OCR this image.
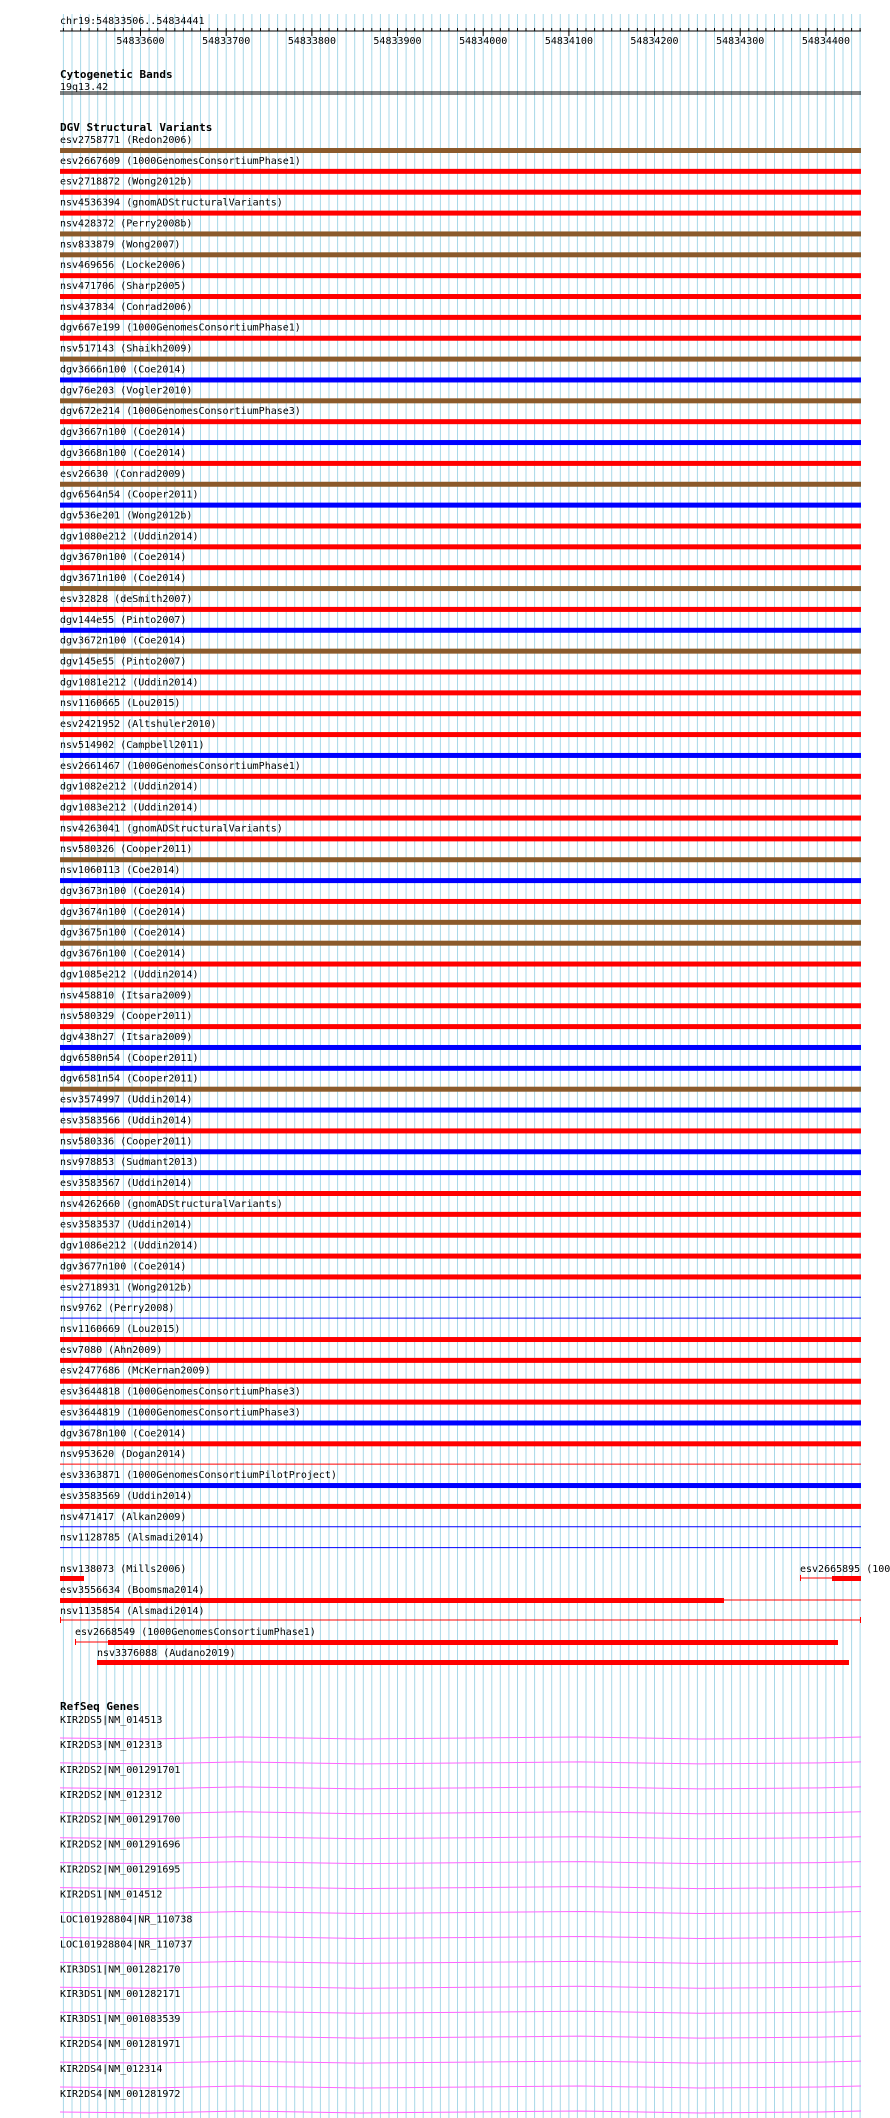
chr19:54833506..54834441
54833600	54833700	54833800	54833900	54834000	54834100	54834200	54834300	54834400
Cytogenetic Bands
19q13.42
DGV Structural Variants
esv2758771 (Redon2006)
esv2667609 (1000GenomesConsortiumPhase1)
esv2718872 (Wong2012b)
nsv4536394 (gnomADStructuralVariants)
nsv428372 (Perry2008b)
nsv833879 (Wong2007)
nsv469656 (Locke2006)
nsv471706 (Sharp2005)
nsv437834 (Conrad2006)
dgv667e199 (1000GenomesConsortiumPhase1)
nsv517143 (Shaikh2009)
dgv3666n100 (Coe2014)
dgv76e203 (Vogler2010)
dgv672e214 (1000GenomesConsortiumPhase3)
dgv3667n100 (Coe2014)
dgv3668n100 (Coe2014)
esv26630 (Conrad2009)
dgv6564n54 (Cooper2011)
dgv536e201 (Wong2012b)
dgv1080e212 (Uddin2014)
dgv3670n100 (Coe2014)
dgv3671n100 (Coe2014)
esv32828 (deSmith2007)
dgv144e55 (Pinto2007)
dgv3672n100 (Coe2014)
dgv145e55 (Pinto2007)
dgv1081e212 (Uddin2014)
nsv1160665 (Lou2015)
esv2421952 (Altshuler2010)
nsv514902 (Campbell2011)
esv2661467 (1000GenomesConsortiumPhase1)
dgv1082e212 (Uddin2014)
dgv1083e212 (Uddin2014)
nsv4263041 (gnomADStructuralVariants)
nsv580326 (Cooper2011)
nsv1060113 (Coe2014)
dgv3673n100 (Coe2014)
dgv3674n100 (Coe2014)
dgv3675n100 (Coe2014)
dgv3676n100 (Coe2014)
dgv1085e212 (Uddin2014)
nsv458810 (Itsara2009)
nsv580329 (Cooper2011)
dgv438n27 (Itsara2009)
dgv6580n54 (Cooper2011)
dgv6581n54 (Cooper2011)
esv3574997 (Uddin2014)
esv3583566 (Uddin2014)
nsv580336 (Cooper2011)
nsv978853 (Sudmant2013)
esv3583567 (Uddin2014)
nsv4262660 (gnomADStructuralVariants)
esv3583537 (Uddin2014)
dgv1086e212 (Uddin2014)
dgv3677n100 (Coe2014)
esv2718931 (Wong2012b)
nsv9762 (Perry2008)
nsv1160669 (Lou2015)
esv7080 (Ahn2009)
esv2477686 (McKernan2009)
esv3644818 (1000GenomesConsortiumPhase3)
esv3644819 (1000GenomesConsortiumPhase3)
dgv3678n100 (Coe2014)
nsv953620 (Dogan2014)
esv3363871 (1000GenomesConsortiumPilotProject)
esv3583569 (Uddin2014)
nsv471417 (Alkan2009)
nsv1128785 (Alsmadi2014)
nsv138073 (Mills2006)	esv2665895 (100
esv3556634 (Boomsma2014)
nsv1135854 (Alsmadi2014)
esv2668549 (1000GenomesConsortiumPhase1)
nsv3376088 (Audano2019)
RefSeq Genes
KIR2DS5|NM_014513
KIR2DS3|NM_012313
KIR2DS2|NM_001291701
KIR2DS2|NM_012312
KIR2DS2|NM_001291700
KIR2DS2|NM_001291696
KIR2DS2|NM_001291695
KIR2DS1|NM_014512
LOC101928804|NR_110738
LOC101928804|NR_110737
KIR3DS1|NM_001282170
KIR3DS1|NM_001282171
KIR3DS1|NM_001083539
KIR2DS4|NM_001281971
KIR2DS4|NM_012314
KIR2DS4|NM_001281972
